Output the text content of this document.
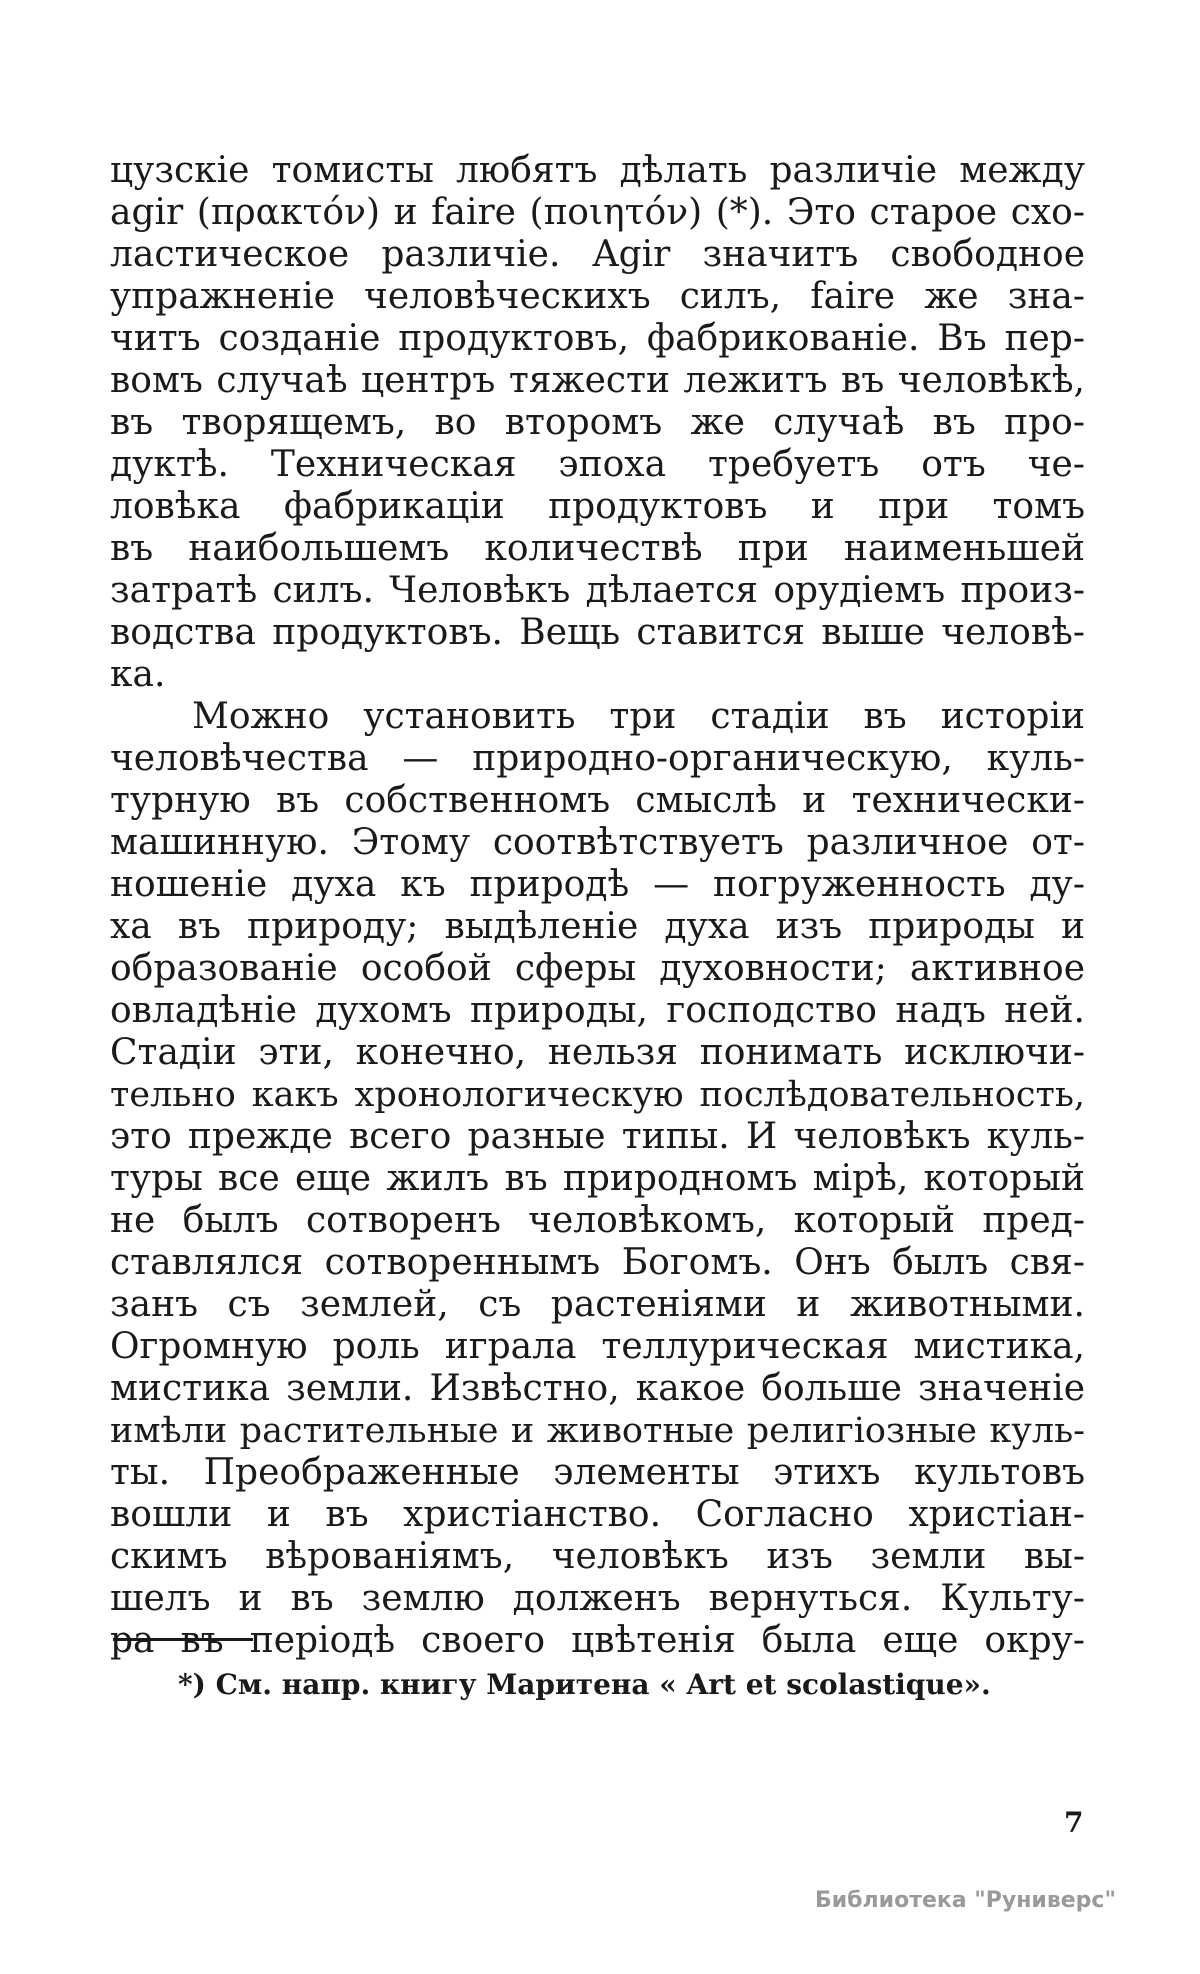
цузскіе томисты любятъ дѣлать различіе между
agir (πρακτόν) и faire (ποιητόν) (*). Это старое схо-
ластическое различіе. Agir значитъ свободное
упражненіе человѣческихъ силъ, faire же зна-
читъ созданіе продуктовъ, фабрикованіе. Въ пер-
вомъ случаѣ центръ тяжести лежитъ въ человѣкѣ,
въ творящемъ, во второмъ же случаѣ въ про-
дуктѣ. Техническая эпоха требуетъ отъ че-
ловѣка фабрикаціи продуктовъ и при томъ
въ наибольшемъ количествѣ при наименьшей
затратѣ силъ. Человѣкъ дѣлается орудіемъ произ-
водства продуктовъ. Вещь ставится выше человѣ-
ка.
Можно установить три стадіи въ исторіи
человѣчества — природно-органическую, куль-
турную въ собственномъ смыслѣ и технически-
машинную. Этому соотвѣтствуетъ различное от-
ношеніе духа къ природѣ — погруженность ду-
ха въ природу; выдѣленіе духа изъ природы и
образованіе особой сферы духовности; активное
овладѣніе духомъ природы, господство надъ ней.
Стадіи эти, конечно, нельзя понимать исключи-
тельно какъ хронологическую послѣдовательность,
это прежде всего разные типы. И человѣкъ куль-
туры все еще жилъ въ природномъ мірѣ, который
не былъ сотворенъ человѣкомъ, который пред-
ставлялся сотвореннымъ Богомъ. Онъ былъ свя-
занъ съ землей, съ растеніями и животными.
Огромную роль играла теллурическая мистика,
мистика земли. Извѣстно, какое больше значеніе
имѣли растительные и животные религіозные куль-
ты. Преображенные элементы этихъ культовъ
вошли и въ христіанство. Согласно христіан-
скимъ вѣрованіямъ, человѣкъ изъ земли вы-
шелъ и въ землю долженъ вернуться. Культу-
ра въ періодѣ своего цвѣтенія была еще окру-
*) См. напр. книгу Маритена « Art et scolastique».
7
Библиотека "Руниверс"
